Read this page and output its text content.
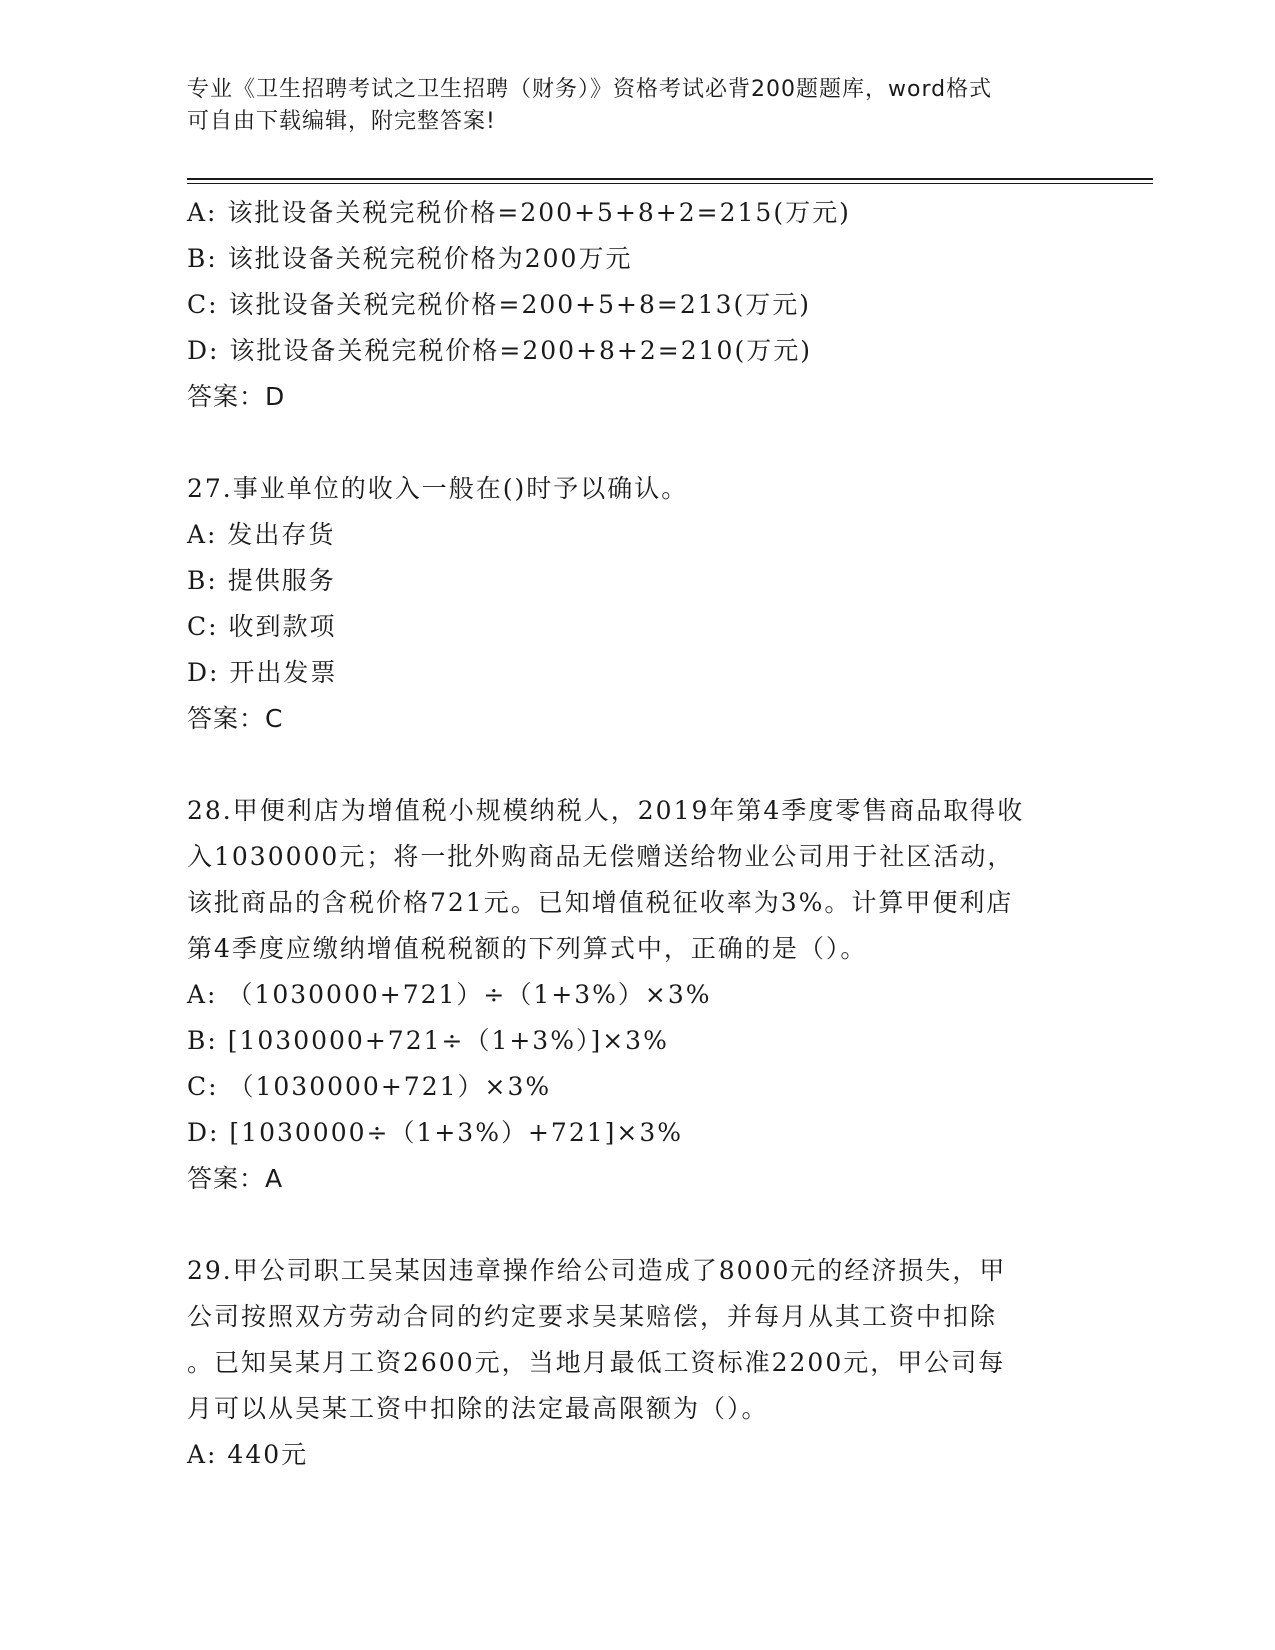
专业《卫生招聘考试之卫生招聘（财务）》资格考试必背200题题库，word格式
可自由下载编辑，附完整答案!
A: 该批设备关税完税价格=200+5+8+2=215(万元)
B: 该批设备关税完税价格为200万元
C: 该批设备关税完税价格=200+5+8=213(万元)
D: 该批设备关税完税价格=200+8+2=210(万元)
答案：D
27.事业单位的收入一般在()时予以确认。
A: 发出存货
B: 提供服务
C: 收到款项
D: 开出发票
答案：C
28.甲便利店为增值税小规模纳税人，2019年第4季度零售商品取得收
入1030000元；将一批外购商品无偿赠送给物业公司用于社区活动，
该批商品的含税价格721元。已知增值税征收率为3%。计算甲便利店
第4季度应缴纳增值税税额的下列算式中，正确的是（）。
A: （1030000+721）÷（1+3%）×3%
B: [1030000+721÷（1+3%）]×3%
C: （1030000+721）×3%
D: [1030000÷（1+3%）+721]×3%
答案：A
29.甲公司职工吴某因违章操作给公司造成了8000元的经济损失，甲
公司按照双方劳动合同的约定要求吴某赔偿，并每月从其工资中扣除
。已知吴某月工资2600元，当地月最低工资标准2200元，甲公司每
月可以从吴某工资中扣除的法定最高限额为（）。
A: 440元
